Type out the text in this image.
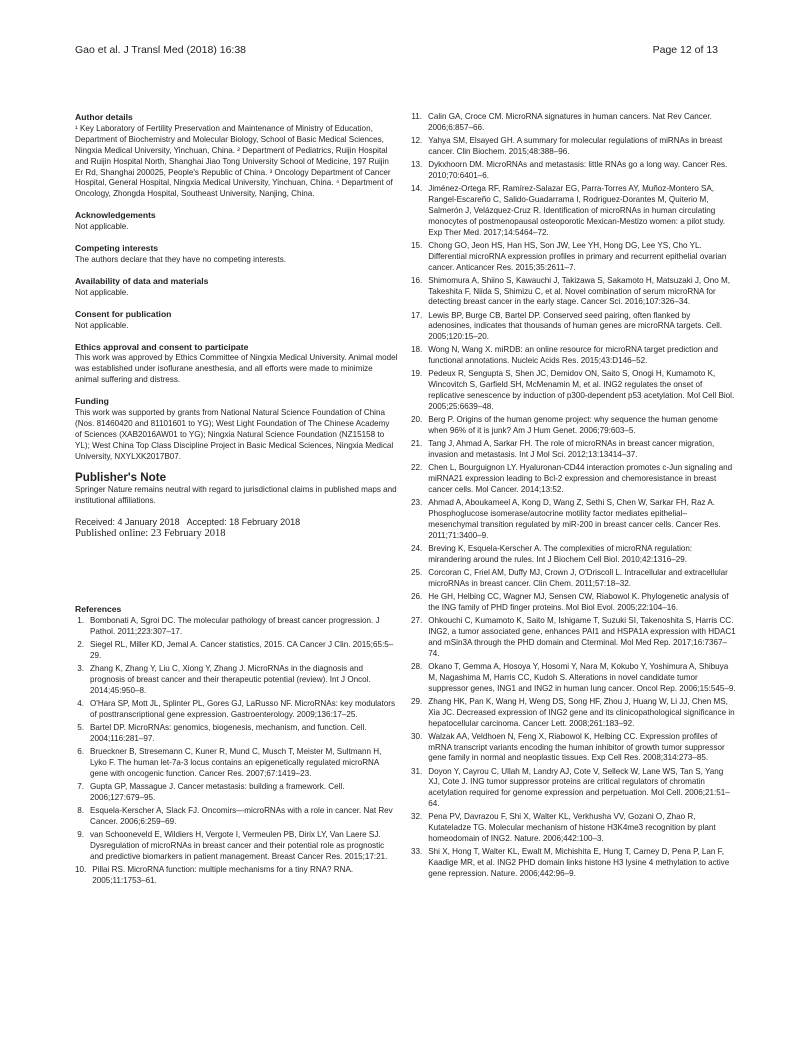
Gao et al. J Transl Med (2018) 16:38	Page 12 of 13
Author details
¹ Key Laboratory of Fertility Preservation and Maintenance of Ministry of Education, Department of Biochemistry and Molecular Biology, School of Basic Medical Sciences, Ningxia Medical University, Yinchuan, China. ² Department of Pediatrics, Ruijin Hospital and Ruijin Hospital North, Shanghai Jiao Tong University School of Medicine, 197 Ruijin Er Rd, Shanghai 200025, People's Republic of China. ³ Oncology Department of Cancer Hospital, General Hospital, Ningxia Medical University, Yinchuan, China. ⁴ Department of Oncology, Zhongda Hospital, Southeast University, Nanjing, China.
Acknowledgements
Not applicable.
Competing interests
The authors declare that they have no competing interests.
Availability of data and materials
Not applicable.
Consent for publication
Not applicable.
Ethics approval and consent to participate
This work was approved by Ethics Committee of Ningxia Medical University. Animal model was established under isoflurane anesthesia, and all efforts were made to minimize animal suffering and distress.
Funding
This work was supported by grants from National Natural Science Foundation of China (Nos. 81460420 and 81101601 to YG); West Light Foundation of The Chinese Academy of Sciences (XAB2016AW01 to YG); Ningxia Natural Science Foundation (NZ15158 to YL); West China Top Class Discipline Project in Basic Medical Sciences, Ningxia Medical University, NXYLXK2017B07.
Publisher's Note
Springer Nature remains neutral with regard to jurisdictional claims in published maps and institutional affiliations.
Received: 4 January 2018   Accepted: 18 February 2018
Published online: 23 February 2018
References
1. Bombonati A, Sgroi DC. The molecular pathology of breast cancer progression. J Pathol. 2011;223:307–17.
2. Siegel RL, Miller KD, Jemal A. Cancer statistics, 2015. CA Cancer J Clin. 2015;65:5–29.
3. Zhang K, Zhang Y, Liu C, Xiong Y, Zhang J. MicroRNAs in the diagnosis and prognosis of breast cancer and their therapeutic potential (review). Int J Oncol. 2014;45:950–8.
4. O'Hara SP, Mott JL, Splinter PL, Gores GJ, LaRusso NF. MicroRNAs: key modulators of posttranscriptional gene expression. Gastroenterology. 2009;136:17–25.
5. Bartel DP. MicroRNAs: genomics, biogenesis, mechanism, and function. Cell. 2004;116:281–97.
6. Brueckner B, Stresemann C, Kuner R, Mund C, Musch T, Meister M, Sultmann H, Lyko F. The human let-7a-3 locus contains an epigenetically regulated microRNA gene with oncogenic function. Cancer Res. 2007;67:1419–23.
7. Gupta GP, Massague J. Cancer metastasis: building a framework. Cell. 2006;127:679–95.
8. Esquela-Kerscher A, Slack FJ. Oncomirs—microRNAs with a role in cancer. Nat Rev Cancer. 2006;6:259–69.
9. van Schooneveld E, Wildiers H, Vergote I, Vermeulen PB, Dirix LY, Van Laere SJ. Dysregulation of microRNAs in breast cancer and their potential role as prognostic and predictive biomarkers in patient management. Breast Cancer Res. 2015;17:21.
10. Pillai RS. MicroRNA function: multiple mechanisms for a tiny RNA? RNA. 2005;11:1753–61.
11. Calin GA, Croce CM. MicroRNA signatures in human cancers. Nat Rev Cancer. 2006;6:857–66.
12. Yahya SM, Elsayed GH. A summary for molecular regulations of miRNAs in breast cancer. Clin Biochem. 2015;48:388–96.
13. Dykxhoorn DM. MicroRNAs and metastasis: little RNAs go a long way. Cancer Res. 2010;70:6401–6.
14. Jiménez-Ortega RF, Ramírez-Salazar EG, Parra-Torres AY, Muñoz-Montero SA, Rangel-Escareño C, Salido-Guadarrama I, Rodriguez-Dorantes M, Quiterio M, Salmerón J, Velázquez-Cruz R. Identification of microRNAs in human circulating monocytes of postmenopausal osteoporotic Mexican-Mestizo women: a pilot study. Exp Ther Med. 2017;14:5464–72.
15. Chong GO, Jeon HS, Han HS, Son JW, Lee YH, Hong DG, Lee YS, Cho YL. Differential microRNA expression profiles in primary and recurrent epithelial ovarian cancer. Anticancer Res. 2015;35:2611–7.
16. Shimomura A, Shiino S, Kawauchi J, Takizawa S, Sakamoto H, Matsuzaki J, Ono M, Takeshita F, Niida S, Shimizu C, et al. Novel combination of serum microRNA for detecting breast cancer in the early stage. Cancer Sci. 2016;107:326–34.
17. Lewis BP, Burge CB, Bartel DP. Conserved seed pairing, often flanked by adenosines, indicates that thousands of human genes are microRNA targets. Cell. 2005;120:15–20.
18. Wong N, Wang X. miRDB: an online resource for microRNA target prediction and functional annotations. Nucleic Acids Res. 2015;43:D146–52.
19. Pedeux R, Sengupta S, Shen JC, Demidov ON, Saito S, Onogi H, Kumamoto K, Wincovitch S, Garfield SH, McMenamin M, et al. ING2 regulates the onset of replicative senescence by induction of p300-dependent p53 acetylation. Mol Cell Biol. 2005;25:6639–48.
20. Berg P. Origins of the human genome project: why sequence the human genome when 96% of it is junk? Am J Hum Genet. 2006;79:603–5.
21. Tang J, Ahmad A, Sarkar FH. The role of microRNAs in breast cancer migration, invasion and metastasis. Int J Mol Sci. 2012;13:13414–37.
22. Chen L, Bourguignon LY. Hyaluronan-CD44 interaction promotes c-Jun signaling and miRNA21 expression leading to Bcl-2 expression and chemoresistance in breast cancer cells. Mol Cancer. 2014;13:52.
23. Ahmad A, Aboukameel A, Kong D, Wang Z, Sethi S, Chen W, Sarkar FH, Raz A. Phosphoglucose isomerase/autocrine motility factor mediates epithelial–mesenchymal transition regulated by miR-200 in breast cancer cells. Cancer Res. 2011;71:3400–9.
24. Breving K, Esquela-Kerscher A. The complexities of microRNA regulation: mirandering around the rules. Int J Biochem Cell Biol. 2010;42:1316–29.
25. Corcoran C, Friel AM, Duffy MJ, Crown J, O'Driscoll L. Intracellular and extracellular microRNAs in breast cancer. Clin Chem. 2011;57:18–32.
26. He GH, Helbing CC, Wagner MJ, Sensen CW, Riabowol K. Phylogenetic analysis of the ING family of PHD finger proteins. Mol Biol Evol. 2005;22:104–16.
27. Ohkouchi C, Kumamoto K, Saito M, Ishigame T, Suzuki SI, Takenoshita S, Harris CC. ING2, a tumor associated gene, enhances PAI1 and HSPA1A expression with HDAC1 and mSin3A through the PHD domain and Cterminal. Mol Med Rep. 2017;16:7367–74.
28. Okano T, Gemma A, Hosoya Y, Hosomi Y, Nara M, Kokubo Y, Yoshimura A, Shibuya M, Nagashima M, Harris CC, Kudoh S. Alterations in novel candidate tumor suppressor genes, ING1 and ING2 in human lung cancer. Oncol Rep. 2006;15:545–9.
29. Zhang HK, Pan K, Wang H, Weng DS, Song HF, Zhou J, Huang W, Li JJ, Chen MS, Xia JC. Decreased expression of ING2 gene and its clinicopathological significance in hepatocellular carcinoma. Cancer Lett. 2008;261:183–92.
30. Walzak AA, Veldhoen N, Feng X, Riabowol K, Helbing CC. Expression profiles of mRNA transcript variants encoding the human inhibitor of growth tumor suppressor gene family in normal and neoplastic tissues. Exp Cell Res. 2008;314:273–85.
31. Doyon Y, Cayrou C, Ullah M, Landry AJ, Cote V, Selleck W, Lane WS, Tan S, Yang XJ, Cote J. ING tumor suppressor proteins are critical regulators of chromatin acetylation required for genome expression and perpetuation. Mol Cell. 2006;21:51–64.
32. Pena PV, Davrazou F, Shi X, Walter KL, Verkhusha VV, Gozani O, Zhao R, Kutateladze TG. Molecular mechanism of histone H3K4me3 recognition by plant homeodomain of ING2. Nature. 2006;442:100–3.
33. Shi X, Hong T, Walter KL, Ewalt M, Michishita E, Hung T, Carney D, Pena P, Lan F, Kaadige MR, et al. ING2 PHD domain links histone H3 lysine 4 methylation to active gene repression. Nature. 2006;442:96–9.
